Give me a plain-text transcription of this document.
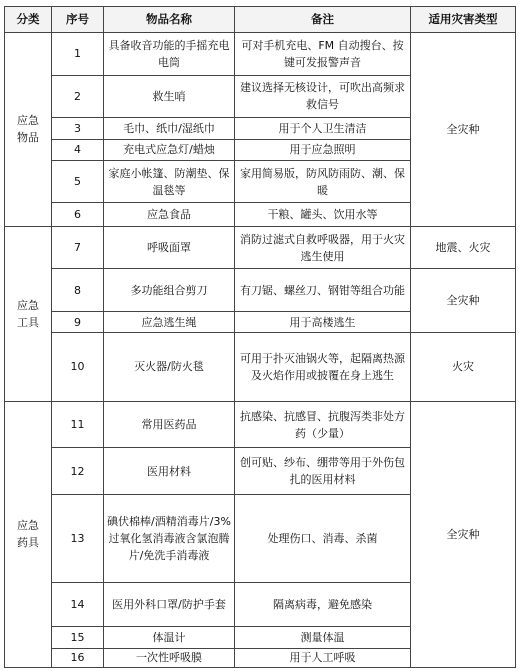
分类	序号	物品名称	备注	适用灾害类型

应急物品	1	具备收音功能的手摇充电电筒	可对手机充电、FM 自动搜台、按键可发报警声音	全灾种
	2	救生哨	建议选择无核设计，可吹出高频求救信号	
	3	毛巾、纸巾/湿纸巾	用于个人卫生清洁	
	4	充电式应急灯/蜡烛	用于应急照明	
	5	家庭小帐篷、防潮垫、保温毯等	家用简易版，防风防雨防、潮、保暖	
	6	应急食品	干粮、罐头、饮用水等	

应急工具	7	呼吸面罩	消防过滤式自救呼吸器，用于火灾逃生使用	地震、火灾
	8	多功能组合剪刀	有刀锯、螺丝刀、钢钳等组合功能	全灾种
	9	应急逃生绳	用于高楼逃生	
	10	灭火器/防火毯	可用于扑灭油锅火等，起隔离热源及火焰作用或披覆在身上逃生	火灾

应急药具	11	常用医药品	抗感染、抗感冒、抗腹泻类非处方药（少量）	全灾种
	12	医用材料	创可贴、纱布、绷带等用于外伤包扎的医用材料	
	13	碘伏棉棒/酒精消毒片/3%过氧化氢消毒液含氯泡腾片/免洗手消毒液	处理伤口、消毒、杀菌	
	14	医用外科口罩/防护手套	隔离病毒，避免感染	
	15	体温计	测量体温	
	16	一次性呼吸膜	用于人工呼吸	
